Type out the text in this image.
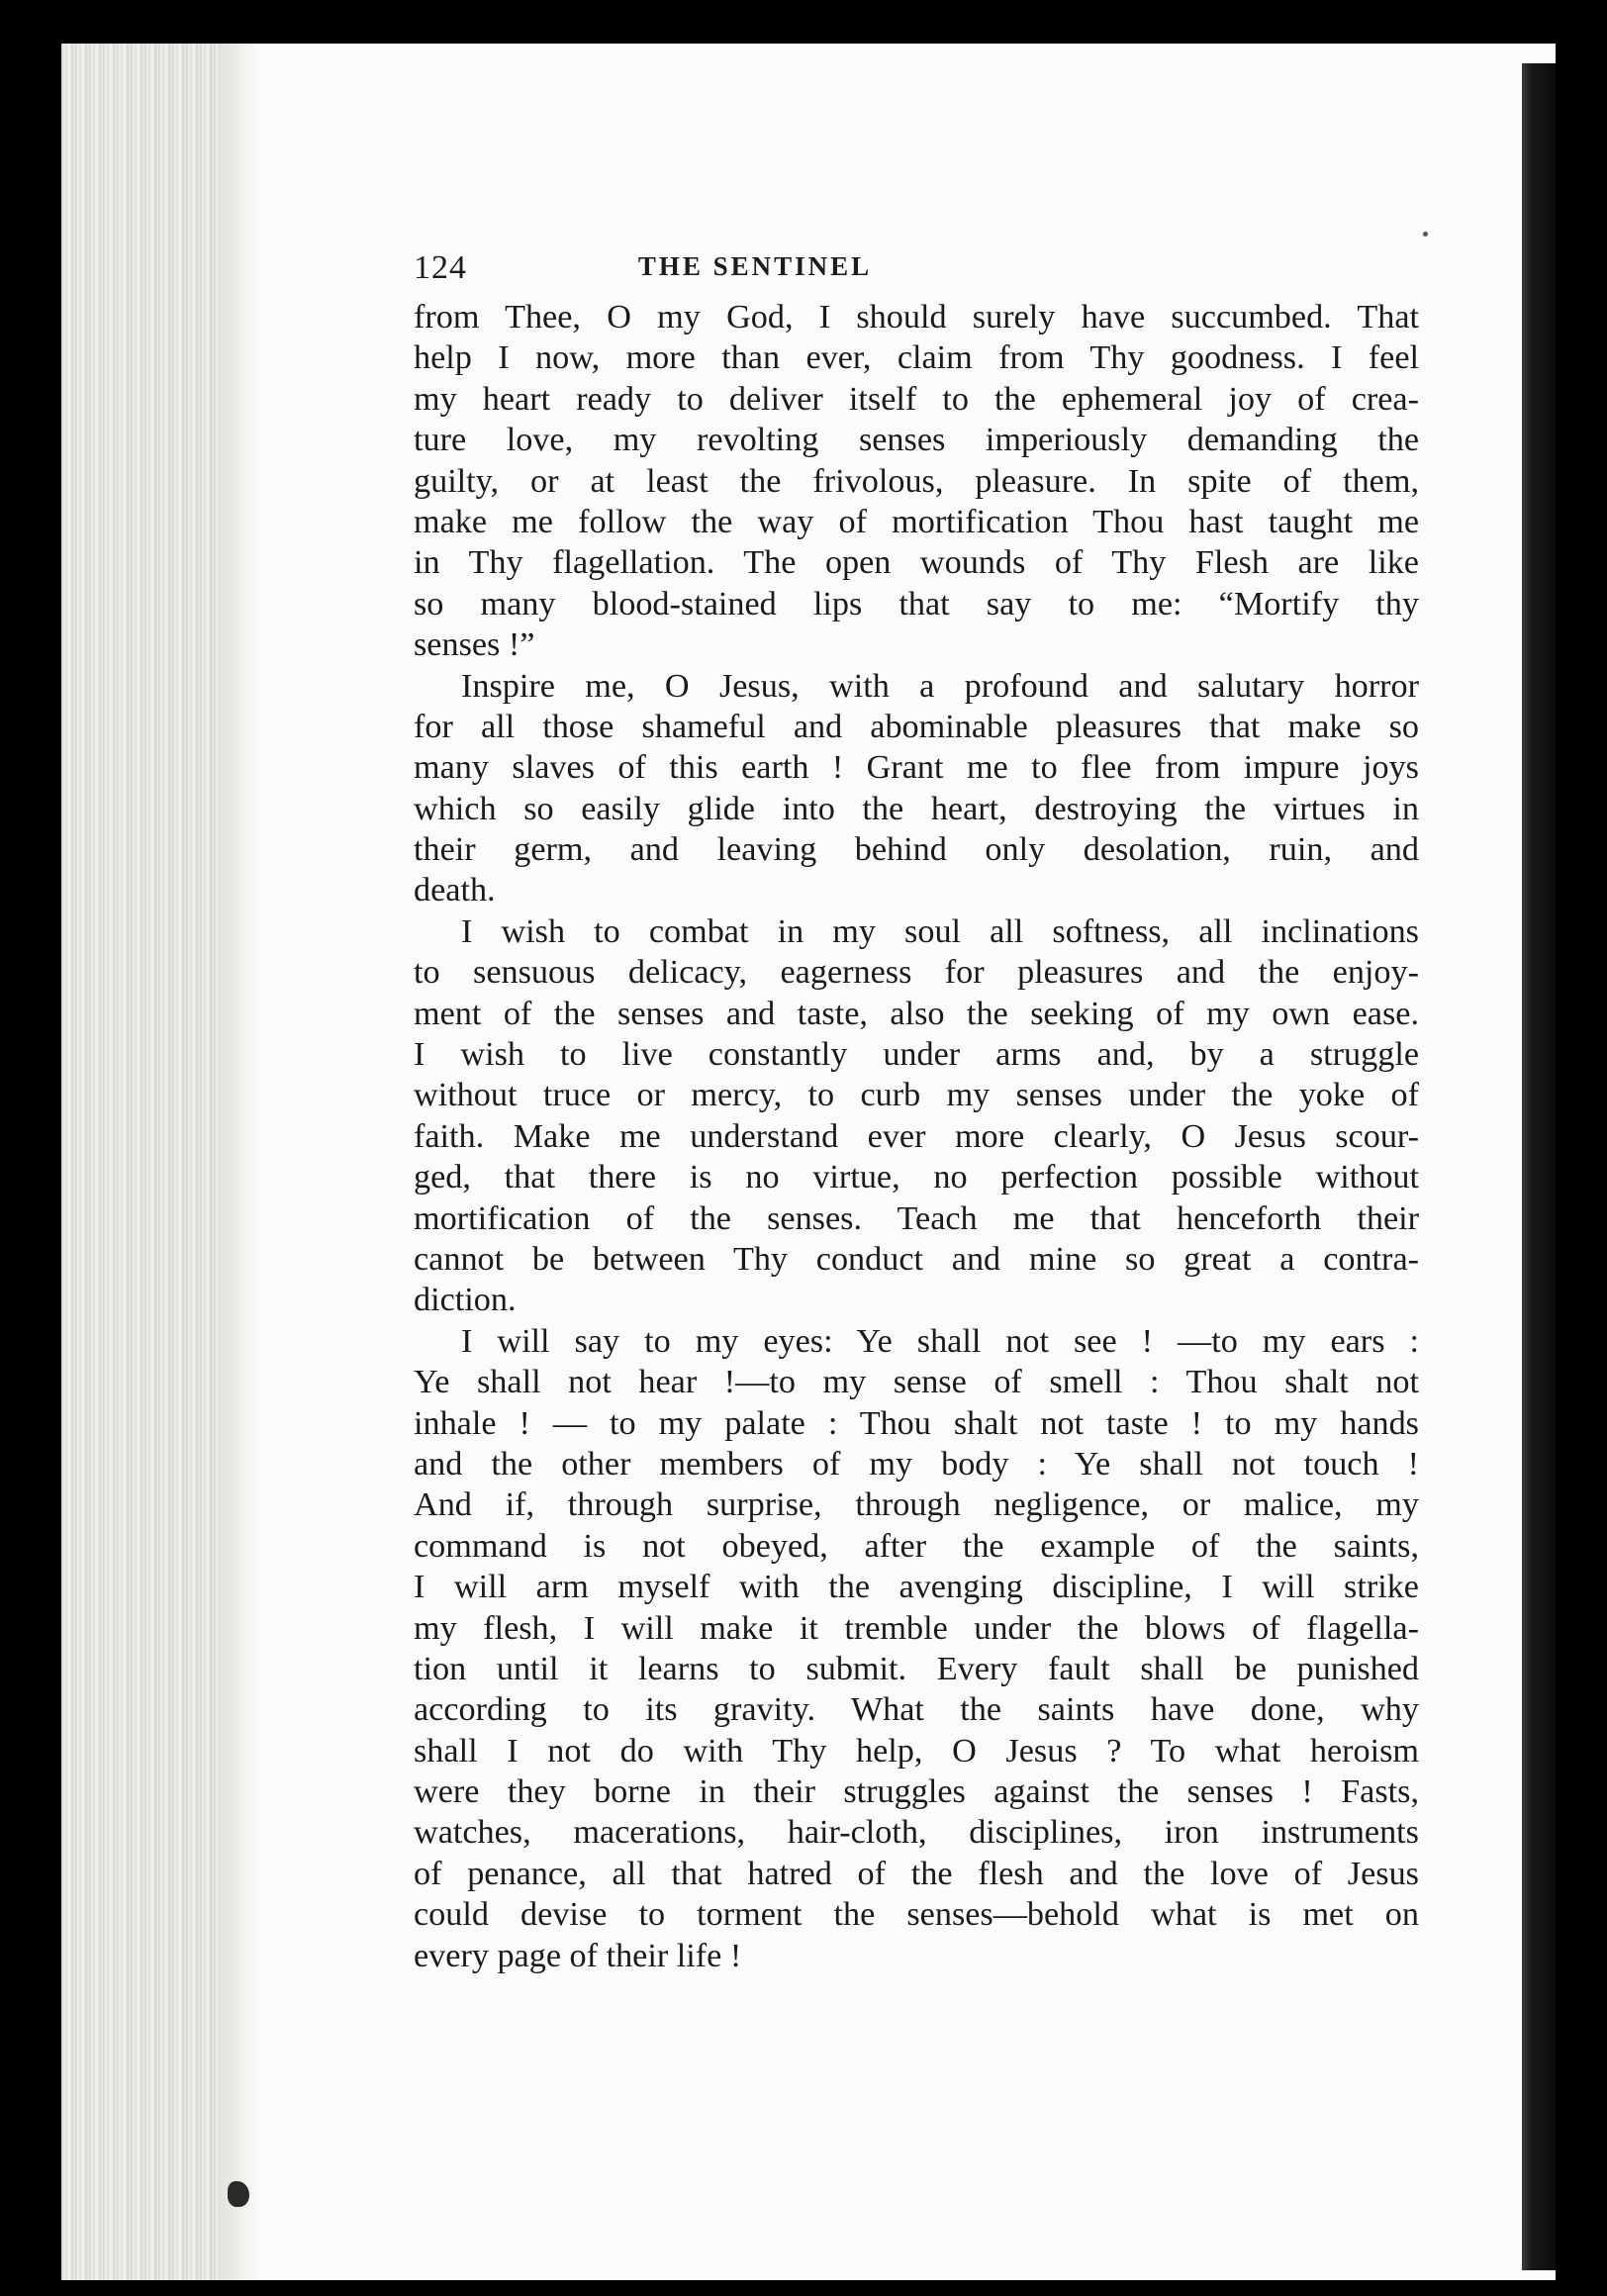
124	THE SENTINEL
from Thee, O my God, I should surely have succumbed. That
help I now, more than ever, claim from Thy goodness. I feel
my heart ready to deliver itself to the ephemeral joy of crea-
ture love, my revolting senses imperiously demanding the
guilty, or at least the frivolous, pleasure. In spite of them,
make me follow the way of mortification Thou hast taught me
in Thy flagellation. The open wounds of Thy Flesh are like
so many blood-stained lips that say to me: “Mortify thy
senses !”
Inspire me, O Jesus, with a profound and salutary horror
for all those shameful and abominable pleasures that make so
many slaves of this earth ! Grant me to flee from impure joys
which so easily glide into the heart, destroying the virtues in
their germ, and leaving behind only desolation, ruin, and
death.
I wish to combat in my soul all softness, all inclinations
to sensuous delicacy, eagerness for pleasures and the enjoy-
ment of the senses and taste, also the seeking of my own ease.
I wish to live constantly under arms and, by a struggle
without truce or mercy, to curb my senses under the yoke of
faith. Make me understand ever more clearly, O Jesus scour-
ged, that there is no virtue, no perfection possible without
mortification of the senses. Teach me that henceforth their
cannot be between Thy conduct and mine so great a contra-
diction.
I will say to my eyes: Ye shall not see ! —to my ears :
Ye shall not hear !—to my sense of smell : Thou shalt not
inhale ! — to my palate : Thou shalt not taste ! to my hands
and the other members of my body : Ye shall not touch !
And if, through surprise, through negligence, or malice, my
command is not obeyed, after the example of the saints,
I will arm myself with the avenging discipline, I will strike
my flesh, I will make it tremble under the blows of flagella-
tion until it learns to submit. Every fault shall be punished
according to its gravity. What the saints have done, why
shall I not do with Thy help, O Jesus ? To what heroism
were they borne in their struggles against the senses ! Fasts,
watches, macerations, hair-cloth, disciplines, iron instruments
of penance, all that hatred of the flesh and the love of Jesus
could devise to torment the senses—behold what is met on
every page of their life !
